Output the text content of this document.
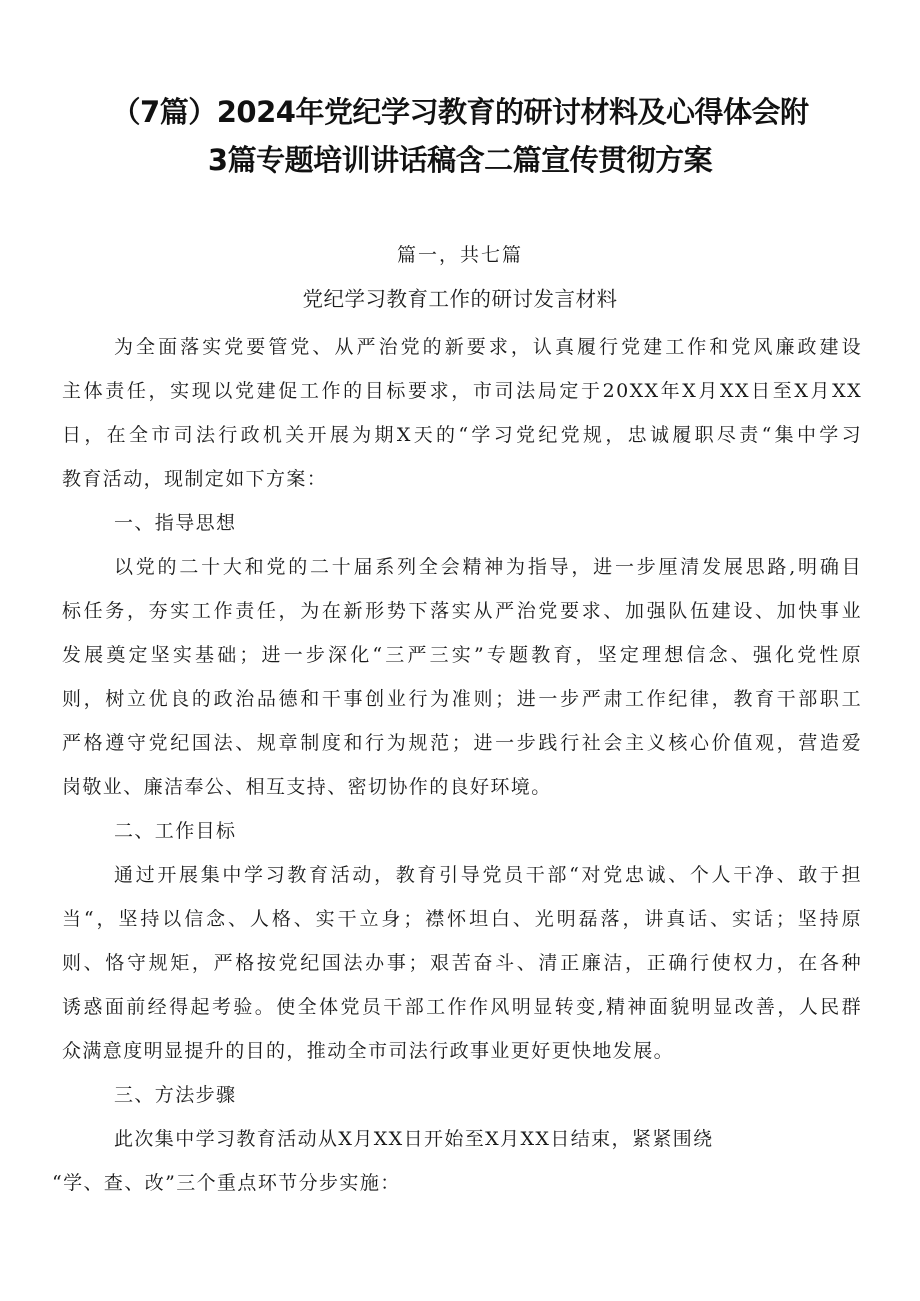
（7篇）2024年党纪学习教育的研讨材料及心得体会附
3篇专题培训讲话稿含二篇宣传贯彻方案
篇一，共七篇
党纪学习教育工作的研讨发言材料
为全面落实党要管党、从严治党的新要求，认真履行党建工作和党风廉政建设
主体责任，实现以党建促工作的目标要求，市司法局定于20XX年X月XX日至X月XX
日，在全市司法行政机关开展为期X天的“学习党纪党规，忠诚履职尽责“集中学习
教育活动，现制定如下方案：
一、指导思想
以党的二十大和党的二十届系列全会精神为指导，进一步厘清发展思路,明确目
标任务，夯实工作责任，为在新形势下落实从严治党要求、加强队伍建设、加快事业
发展奠定坚实基础；进一步深化“三严三实”专题教育，坚定理想信念、强化党性原
则，树立优良的政治品德和干事创业行为准则；进一步严肃工作纪律，教育干部职工
严格遵守党纪国法、规章制度和行为规范；进一步践行社会主义核心价值观，营造爱
岗敬业、廉洁奉公、相互支持、密切协作的良好环境。
二、工作目标
通过开展集中学习教育活动，教育引导党员干部“对党忠诚、个人干净、敢于担
当“，坚持以信念、人格、实干立身；襟怀坦白、光明磊落，讲真话、实话；坚持原
则、恪守规矩，严格按党纪国法办事；艰苦奋斗、清正廉洁，正确行使权力，在各种
诱惑面前经得起考验。使全体党员干部工作作风明显转变,精神面貌明显改善，人民群
众满意度明显提升的目的，推动全市司法行政事业更好更快地发展。
三、方法步骤
此次集中学习教育活动从X月XX日开始至X月XX日结束，紧紧围绕
“学、查、改”三个重点环节分步实施：
